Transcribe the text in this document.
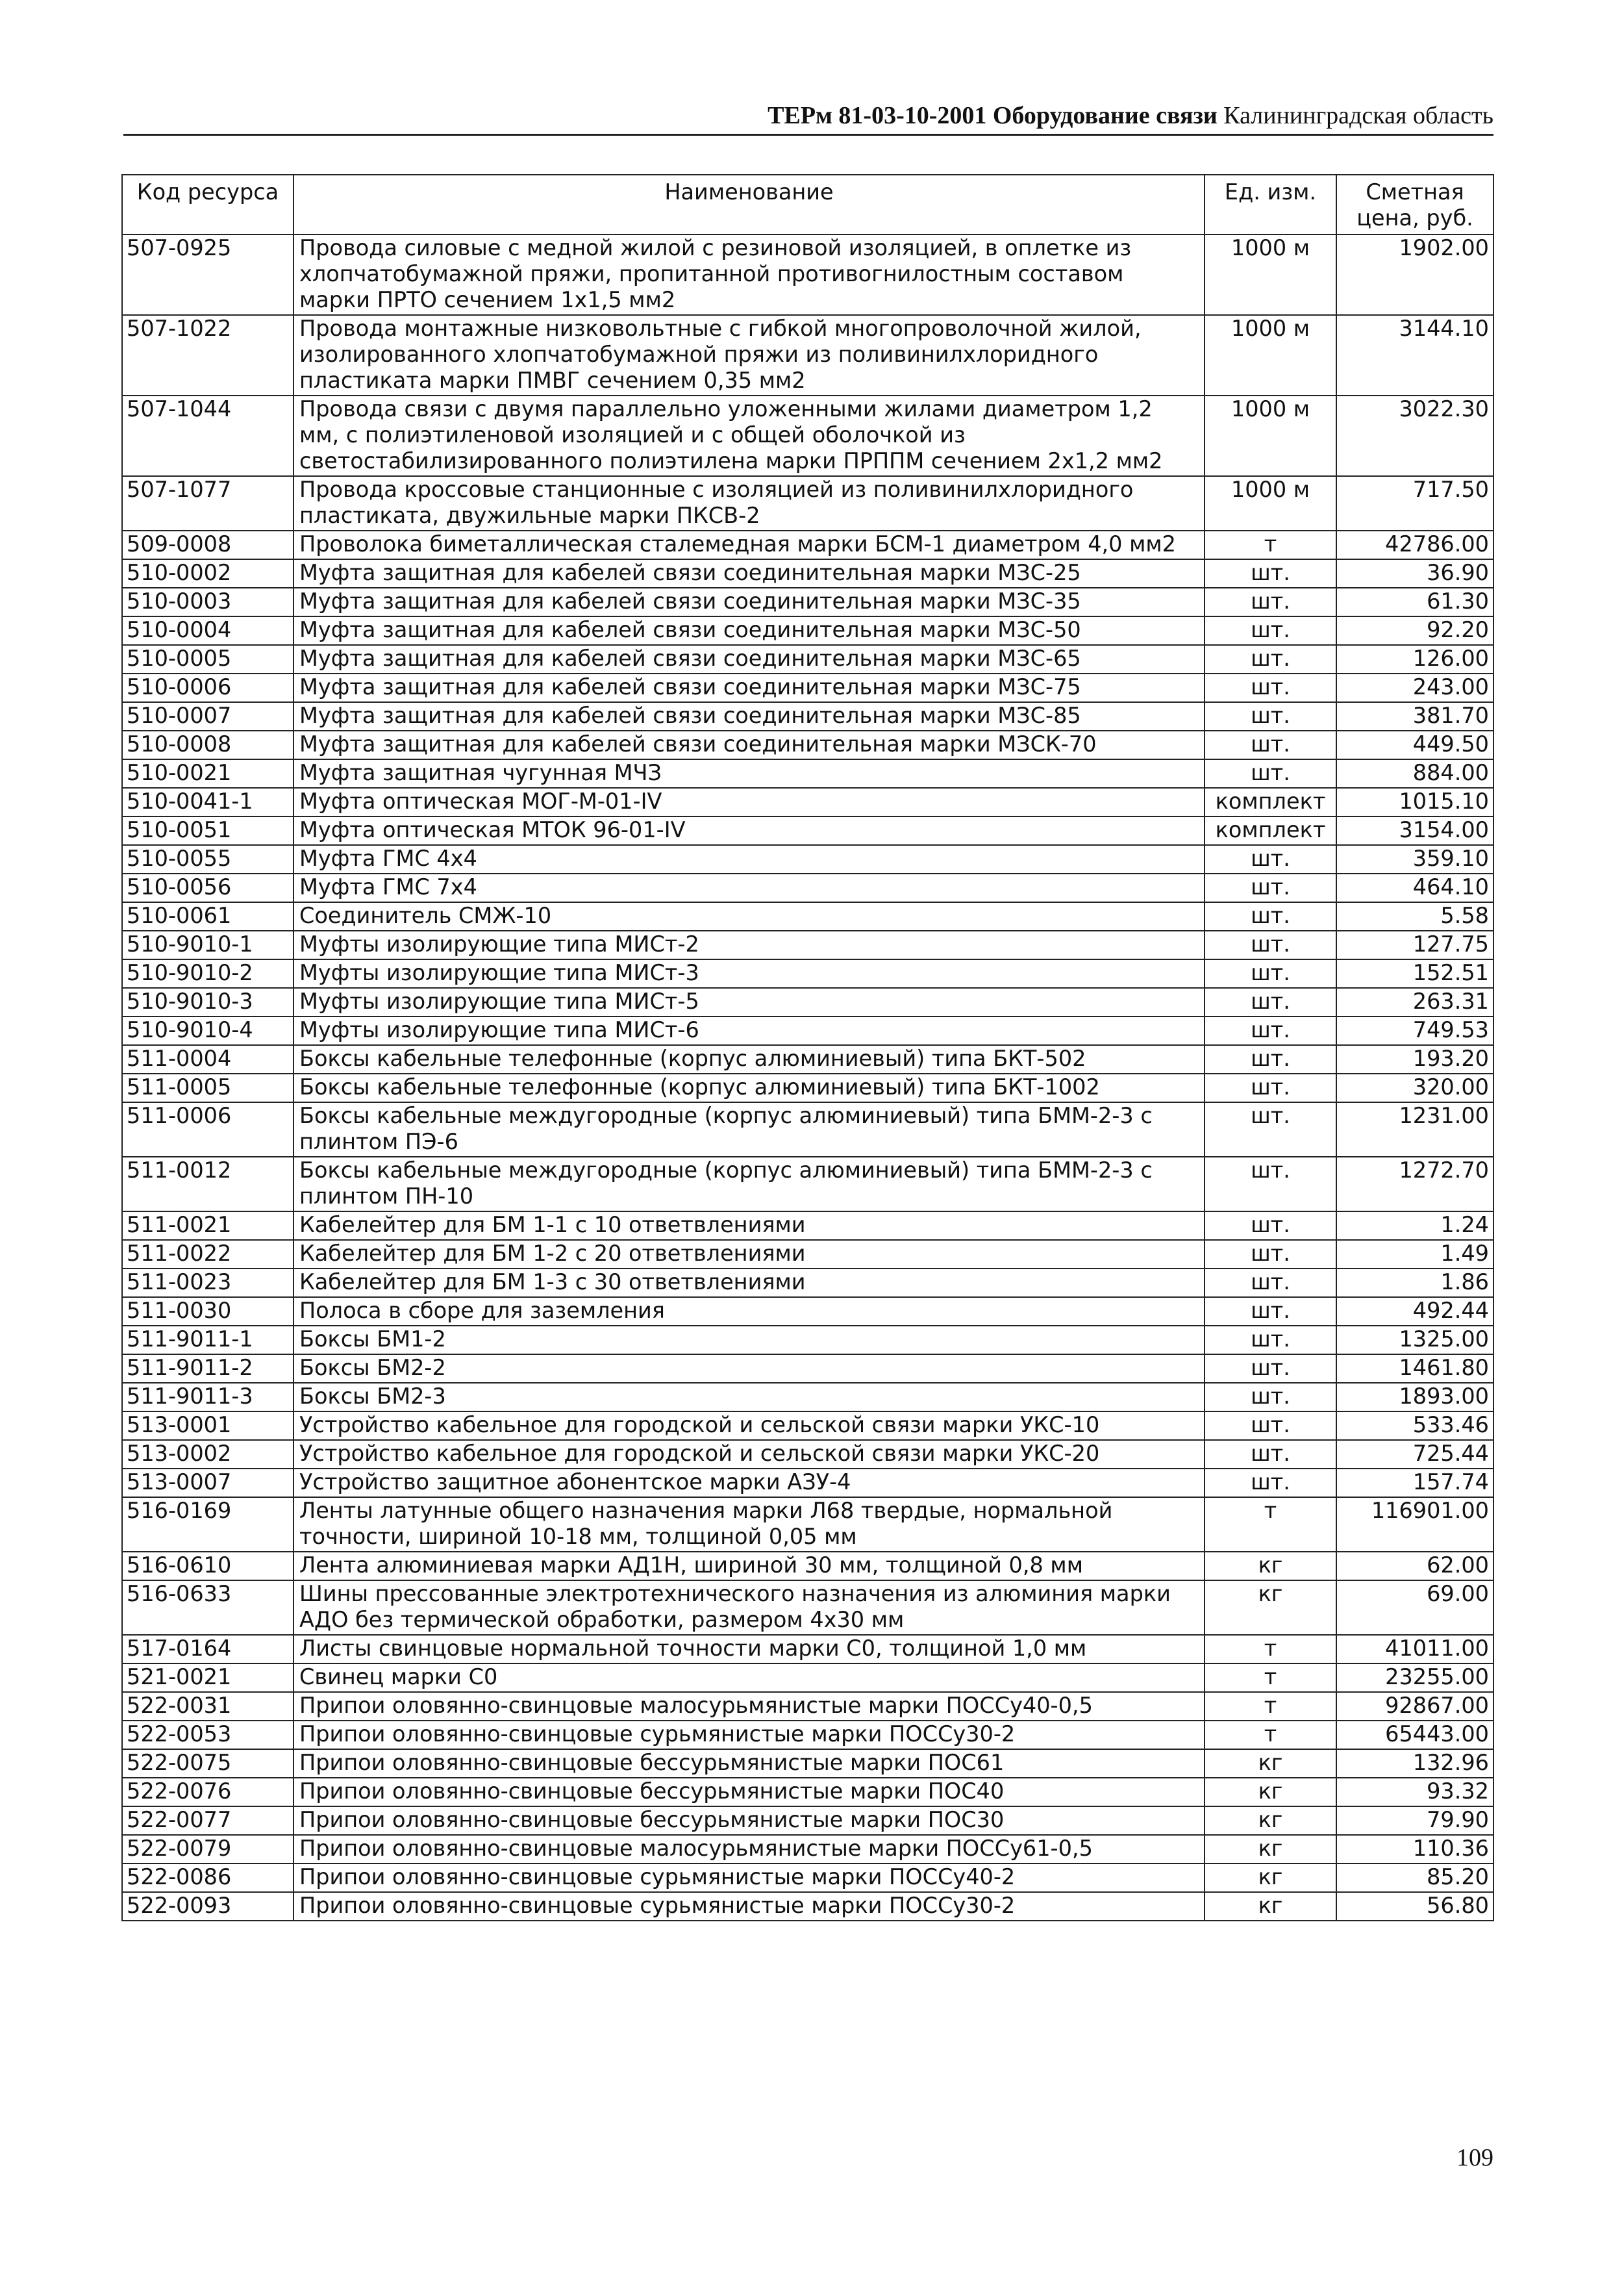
ТЕРм 81-03-10-2001 Оборудование связи Калининградская область
Код ресурса	Наименование	Ед. изм.	Сметная цена, руб.
507-0925	Провода силовые с медной жилой с резиновой изоляцией, в оплетке из хлопчатобумажной пряжи, пропитанной противогнилостным составом марки ПРТО сечением 1х1,5 мм2	1000 м	1902.00
507-1022	Провода монтажные низковольтные с гибкой многопроволочной жилой, изолированного хлопчатобумажной пряжи из поливинилхлоридного пластиката марки ПМВГ сечением 0,35 мм2	1000 м	3144.10
507-1044	Провода связи с двумя параллельно уложенными жилами диаметром 1,2 мм, с полиэтиленовой изоляцией и с общей оболочкой из светостабилизированного полиэтилена марки ПРППМ сечением 2х1,2 мм2	1000 м	3022.30
507-1077	Провода кроссовые станционные с изоляцией из поливинилхлоридного пластиката, двужильные марки ПКСВ-2	1000 м	717.50
509-0008	Проволока биметаллическая сталемедная марки БСМ-1 диаметром 4,0 мм2	т	42786.00
510-0002	Муфта защитная для кабелей связи соединительная марки МЗС-25	шт.	36.90
510-0003	Муфта защитная для кабелей связи соединительная марки МЗС-35	шт.	61.30
510-0004	Муфта защитная для кабелей связи соединительная марки МЗС-50	шт.	92.20
510-0005	Муфта защитная для кабелей связи соединительная марки МЗС-65	шт.	126.00
510-0006	Муфта защитная для кабелей связи соединительная марки МЗС-75	шт.	243.00
510-0007	Муфта защитная для кабелей связи соединительная марки МЗС-85	шт.	381.70
510-0008	Муфта защитная для кабелей связи соединительная марки МЗСК-70	шт.	449.50
510-0021	Муфта защитная чугунная МЧЗ	шт.	884.00
510-0041-1	Муфта оптическая МОГ-М-01-IV	комплект	1015.10
510-0051	Муфта оптическая МТОК 96-01-IV	комплект	3154.00
510-0055	Муфта ГМС 4х4	шт.	359.10
510-0056	Муфта ГМС 7х4	шт.	464.10
510-0061	Соединитель СМЖ-10	шт.	5.58
510-9010-1	Муфты изолирующие типа МИСт-2	шт.	127.75
510-9010-2	Муфты изолирующие типа МИСт-3	шт.	152.51
510-9010-3	Муфты изолирующие типа МИСт-5	шт.	263.31
510-9010-4	Муфты изолирующие типа МИСт-6	шт.	749.53
511-0004	Боксы кабельные телефонные (корпус алюминиевый) типа БКТ-502	шт.	193.20
511-0005	Боксы кабельные телефонные (корпус алюминиевый) типа БКТ-1002	шт.	320.00
511-0006	Боксы кабельные междугородные (корпус алюминиевый) типа БММ-2-3 с плинтом ПЭ-6	шт.	1231.00
511-0012	Боксы кабельные междугородные (корпус алюминиевый) типа БММ-2-3 с плинтом ПН-10	шт.	1272.70
511-0021	Кабелейтер для БМ 1-1 с 10 ответвлениями	шт.	1.24
511-0022	Кабелейтер для БМ 1-2 с 20 ответвлениями	шт.	1.49
511-0023	Кабелейтер для БМ 1-3 с 30 ответвлениями	шт.	1.86
511-0030	Полоса в сборе для заземления	шт.	492.44
511-9011-1	Боксы БМ1-2	шт.	1325.00
511-9011-2	Боксы БМ2-2	шт.	1461.80
511-9011-3	Боксы БМ2-3	шт.	1893.00
513-0001	Устройство кабельное для городской и сельской связи марки УКС-10	шт.	533.46
513-0002	Устройство кабельное для городской и сельской связи марки УКС-20	шт.	725.44
513-0007	Устройство защитное абонентское марки АЗУ-4	шт.	157.74
516-0169	Ленты латунные общего назначения марки Л68 твердые, нормальной точности, шириной 10-18 мм, толщиной 0,05 мм	т	116901.00
516-0610	Лента алюминиевая марки АД1Н, шириной 30 мм, толщиной 0,8 мм	кг	62.00
516-0633	Шины прессованные электротехнического назначения из алюминия марки АДО без термической обработки, размером 4х30 мм	кг	69.00
517-0164	Листы свинцовые нормальной точности марки С0, толщиной 1,0 мм	т	41011.00
521-0021	Свинец марки С0	т	23255.00
522-0031	Припои оловянно-свинцовые малосурьмянистые марки ПОССу40-0,5	т	92867.00
522-0053	Припои оловянно-свинцовые сурьмянистые марки ПОССу30-2	т	65443.00
522-0075	Припои оловянно-свинцовые бессурьмянистые марки ПОС61	кг	132.96
522-0076	Припои оловянно-свинцовые бессурьмянистые марки ПОС40	кг	93.32
522-0077	Припои оловянно-свинцовые бессурьмянистые марки ПОС30	кг	79.90
522-0079	Припои оловянно-свинцовые малосурьмянистые марки ПОССу61-0,5	кг	110.36
522-0086	Припои оловянно-свинцовые сурьмянистые марки ПОССу40-2	кг	85.20
522-0093	Припои оловянно-свинцовые сурьмянистые марки ПОССу30-2	кг	56.80
109
